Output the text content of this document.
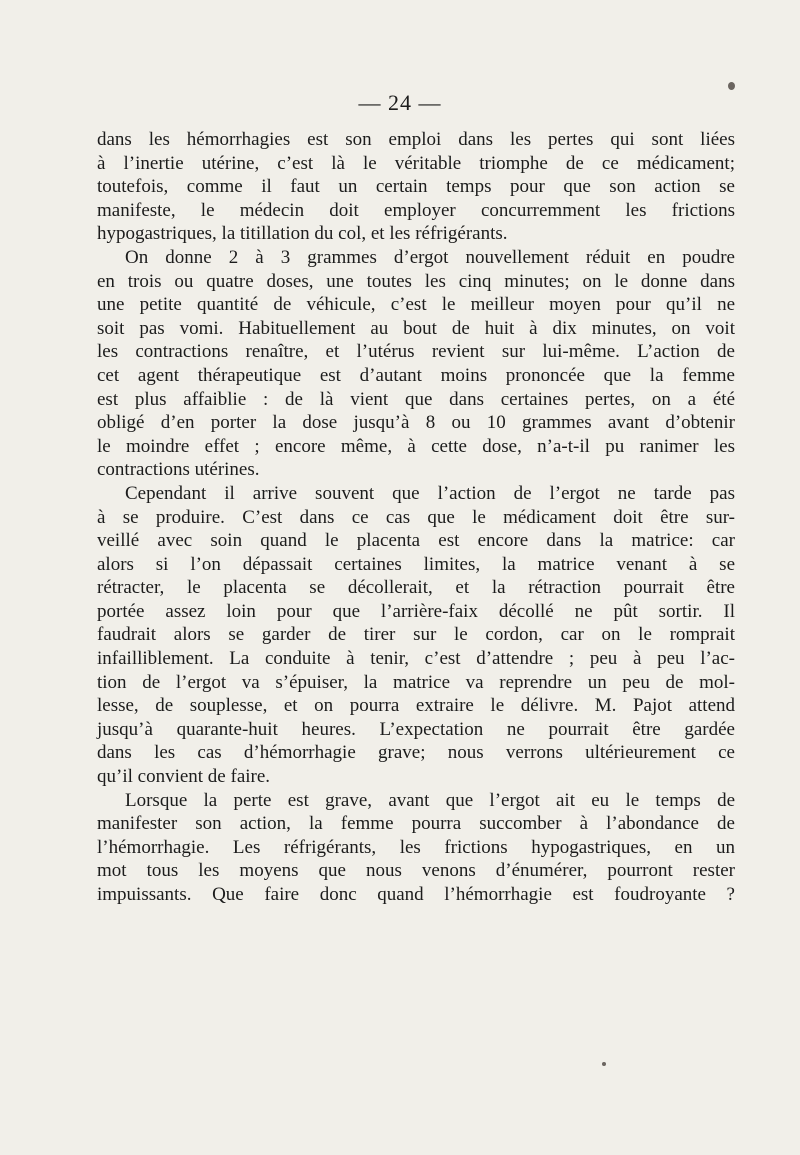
— 24 —
dans les hémorrhagies est son emploi dans les pertes qui sont liées
à l’inertie utérine, c’est là le véritable triomphe de ce médicament;
toutefois, comme il faut un certain temps pour que son action se
manifeste, le médecin doit employer concurremment les frictions
hypogastriques, la titillation du col, et les réfrigérants.
On donne 2 à 3 grammes d’ergot nouvellement réduit en poudre
en trois ou quatre doses, une toutes les cinq minutes; on le donne dans
une petite quantité de véhicule, c’est le meilleur moyen pour qu’il ne
soit pas vomi. Habituellement au bout de huit à dix minutes, on voit
les contractions renaître, et l’utérus revient sur lui-même. L’action de
cet agent thérapeutique est d’autant moins prononcée que la femme
est plus affaiblie : de là vient que dans certaines pertes, on a été
obligé d’en porter la dose jusqu’à 8 ou 10 grammes avant d’obtenir
le moindre effet ; encore même, à cette dose, n’a-t-il pu ranimer les
contractions utérines.
Cependant il arrive souvent que l’action de l’ergot ne tarde pas
à se produire. C’est dans ce cas que le médicament doit être sur-
veillé avec soin quand le placenta est encore dans la matrice: car
alors si l’on dépassait certaines limites, la matrice venant à se
rétracter, le placenta se décollerait, et la rétraction pourrait être
portée assez loin pour que l’arrière-faix décollé ne pût sortir. Il
faudrait alors se garder de tirer sur le cordon, car on le romprait
infailliblement. La conduite à tenir, c’est d’attendre ; peu à peu l’ac-
tion de l’ergot va s’épuiser, la matrice va reprendre un peu de mol-
lesse, de souplesse, et on pourra extraire le délivre. M. Pajot attend
jusqu’à quarante-huit heures. L’expectation ne pourrait être gardée
dans les cas d’hémorrhagie grave; nous verrons ultérieurement ce
qu’il convient de faire.
Lorsque la perte est grave, avant que l’ergot ait eu le temps de
manifester son action, la femme pourra succomber à l’abondance de
l’hémorrhagie. Les réfrigérants, les frictions hypogastriques, en un
mot tous les moyens que nous venons d’énumérer, pourront rester
impuissants. Que faire donc quand l’hémorrhagie est foudroyante ?
